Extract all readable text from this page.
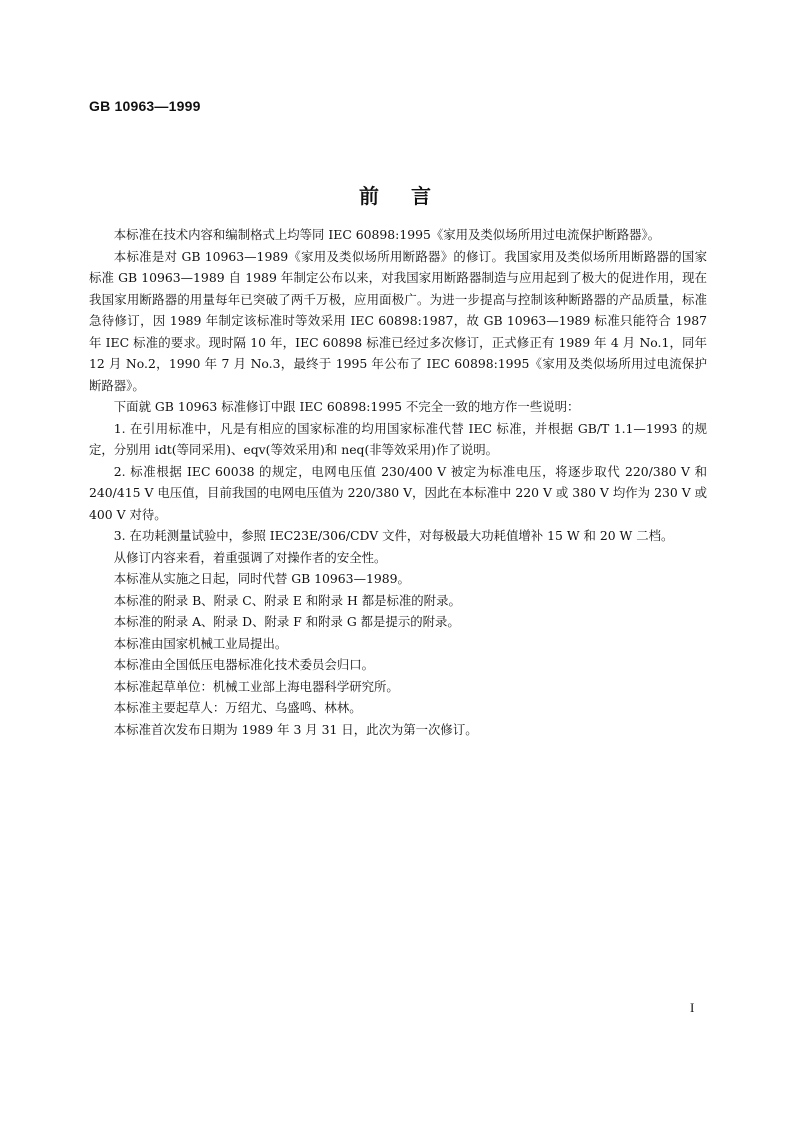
GB 10963—1999
前言

本标准在技术内容和编制格式上均等同 IEC 60898:1995《家用及类似场所用过电流保护断路器》。

本标准是对 GB 10963—1989《家用及类似场所用断路器》的修订。我国家用及类似场所用断路器的国家标准 GB 10963—1989 自 1989 年制定公布以来，对我国家用断路器制造与应用起到了极大的促进作用，现在我国家用断路器的用量每年已突破了两千万极，应用面极广。为进一步提高与控制该种断路器的产品质量，标准急待修订，因 1989 年制定该标准时等效采用 IEC 60898:1987，故 GB 10963—1989 标准只能符合 1987 年 IEC 标准的要求。现时隔 10 年，IEC 60898 标准已经过多次修订，正式修正有 1989 年 4 月 No.1，同年 12 月 No.2，1990 年 7 月 No.3，最终于 1995 年公布了 IEC 60898:1995《家用及类似场所用过电流保护断路器》。

下面就 GB 10963 标准修订中跟 IEC 60898:1995 不完全一致的地方作一些说明：

1. 在引用标准中，凡是有相应的国家标准的均用国家标准代替 IEC 标准，并根据 GB/T 1.1—1993 的规定，分别用 idt(等同采用)、eqv(等效采用)和 neq(非等效采用)作了说明。

2. 标准根据 IEC 60038 的规定，电网电压值 230/400 V 被定为标准电压，将逐步取代 220/380 V 和 240/415 V 电压值，目前我国的电网电压值为 220/380 V，因此在本标准中 220 V 或 380 V 均作为 230 V 或 400 V 对待。

3. 在功耗测量试验中，参照 IEC23E/306/CDV 文件，对每极最大功耗值增补 15 W 和 20 W 二档。

从修订内容来看，着重强调了对操作者的安全性。

本标准从实施之日起，同时代替 GB 10963—1989。

本标准的附录 B、附录 C、附录 E 和附录 H 都是标准的附录。

本标准的附录 A、附录 D、附录 F 和附录 G 都是提示的附录。

本标准由国家机械工业局提出。

本标准由全国低压电器标准化技术委员会归口。

本标准起草单位：机械工业部上海电器科学研究所。

本标准主要起草人：万绍尤、乌盛鸣、林林。

本标准首次发布日期为 1989 年 3 月 31 日，此次为第一次修订。

I
